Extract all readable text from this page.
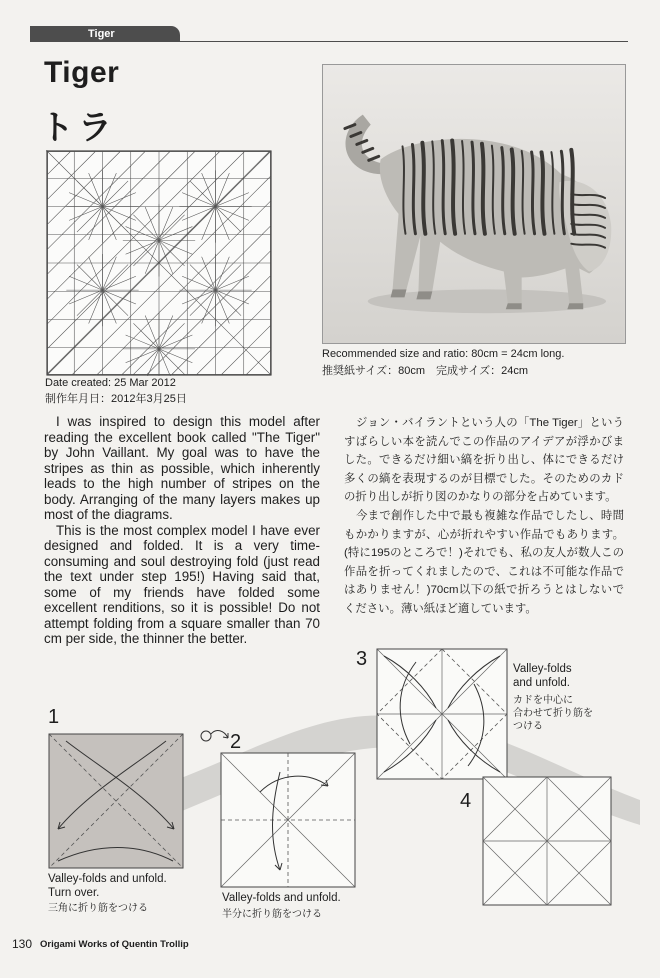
Tiger
Tiger
トラ
Date created: 25 Mar 2012
制作年月日：2012年3月25日
Recommended size and ratio: 80cm = 24cm long.
推奨紙サイズ：80cm　完成サイズ：24cm

I was inspired to design this model after reading the excellent book called "The Tiger" by John Vaillant. My goal was to have the stripes as thin as possible, which inherently leads to the high number of stripes on the body. Arranging of the many layers makes up most of the diagrams.

This is the most complex model I have ever designed and folded. It is a very time-consuming and soul destroying fold (just read the text under step 195!) Having said that, some of my friends have folded some excellent renditions, so it is possible! Do not attempt folding from a square smaller than 70 cm per side, the thinner the better.

ジョン・バイラントという人の「The Tiger」というすばらしい本を読んでこの作品のアイデアが浮かびました。できるだけ細い縞を折り出し、体にできるだけ多くの縞を表現するのが目標でした。そのためのカドの折り出しが折り図のかなりの部分を占めています。

今まで創作した中で最も複雑な作品でしたし、時間もかかりますが、心が折れやすい作品でもあります。(特に195のところで！)それでも、私の友人が数人この作品を折ってくれましたので、これは不可能な作品ではありません！)70cm以下の紙で折ろうとはしないでください。薄い紙ほど適しています。

1
Valley-folds and unfold.
Turn over.
三角に折り筋をつける
2
Valley-folds and unfold.
半分に折り筋をつける
3	Valley-folds
and unfold.
カドを中心に
合わせて折り筋を
つける
4
130 Origami Works of Quentin Trollip
